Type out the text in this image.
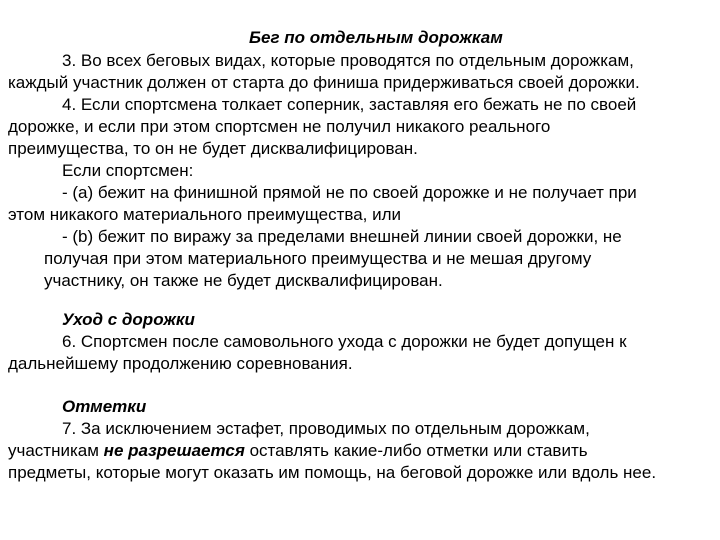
Бег по отдельным дорожкам
3. Во всех беговых видах, которые проводятся по отдельным дорожкам,
каждый участник должен от старта до финиша придерживаться своей дорожки.
4. Если спортсмена толкает соперник, заставляя его бежать не по своей
дорожке, и если при этом спортсмен не получил никакого реального
преимущества, то он не будет дисквалифицирован.
Если спортсмен:
- (а) бежит на финишной прямой не по своей дорожке и не получает при
этом никакого материального преимущества, или
- (b) бежит по виражу за пределами внешней линии своей дорожки, не
получая при этом материального преимущества и не мешая другому
участнику, он также не будет дисквалифицирован.
Уход с дорожки
6. Спортсмен после самовольного ухода с дорожки не будет допущен к
дальнейшему продолжению соревнования.
Отметки
7. За исключением эстафет, проводимых по отдельным дорожкам,
участникам не разрешается оставлять какие-либо отметки или ставить
предметы, которые могут оказать им помощь, на беговой дорожке или вдоль нее.
